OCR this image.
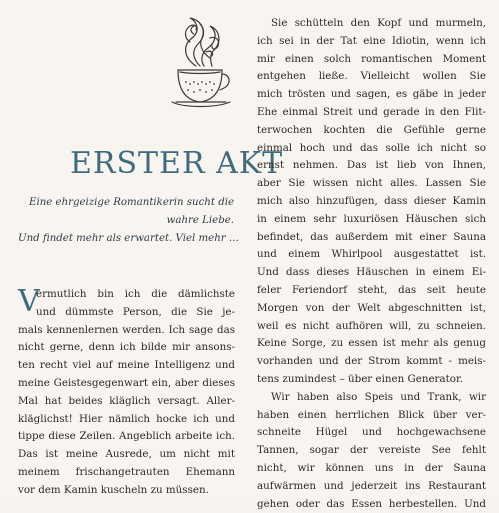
ERSTER AKT
Eine ehrgeizige Romantikerin sucht die
wahre Liebe.
Und findet mehr als erwartet. Viel mehr …
V
ermutlich bin ich die dämlichste
und dümmste Person, die Sie je-
mals kennenlernen werden. Ich sage das
nicht gerne, denn ich bilde mir ansons-
ten recht viel auf meine Intelligenz und
meine Geistesgegenwart ein, aber dieses
Mal hat beides kläglich versagt. Aller-
kläglichst! Hier nämlich hocke ich und
tippe diese Zeilen. Angeblich arbeite ich.
Das ist meine Ausrede, um nicht mit
meinem frischangetrauten Ehemann
vor dem Kamin kuscheln zu müssen.
Sie schütteln den Kopf und murmeln,
ich sei in der Tat eine Idiotin, wenn ich
mir einen solch romantischen Moment
entgehen ließe. Vielleicht wollen Sie
mich trösten und sagen, es gäbe in jeder
Ehe einmal Streit und gerade in den Flit-
terwochen kochten die Gefühle gerne
einmal hoch und das solle ich nicht so
ernst nehmen. Das ist lieb von Ihnen,
aber Sie wissen nicht alles. Lassen Sie
mich also hinzufügen, dass dieser Kamin
in einem sehr luxuriösen Häuschen sich
befindet, das außerdem mit einer Sauna
und einem Whirlpool ausgestattet ist.
Und dass dieses Häuschen in einem Ei-
feler Feriendorf steht, das seit heute
Morgen von der Welt abgeschnitten ist,
weil es nicht aufhören will, zu schneien.
Keine Sorge, zu essen ist mehr als genug
vorhanden und der Strom kommt - meis-
tens zumindest – über einen Generator.
Wir haben also Speis und Trank, wir
haben einen herrlichen Blick über ver-
schneite Hügel und hochgewachsene
Tannen, sogar der vereiste See fehlt
nicht, wir können uns in der Sauna
aufwärmen und jederzeit ins Restaurant
gehen oder das Essen herbestellen. Und
